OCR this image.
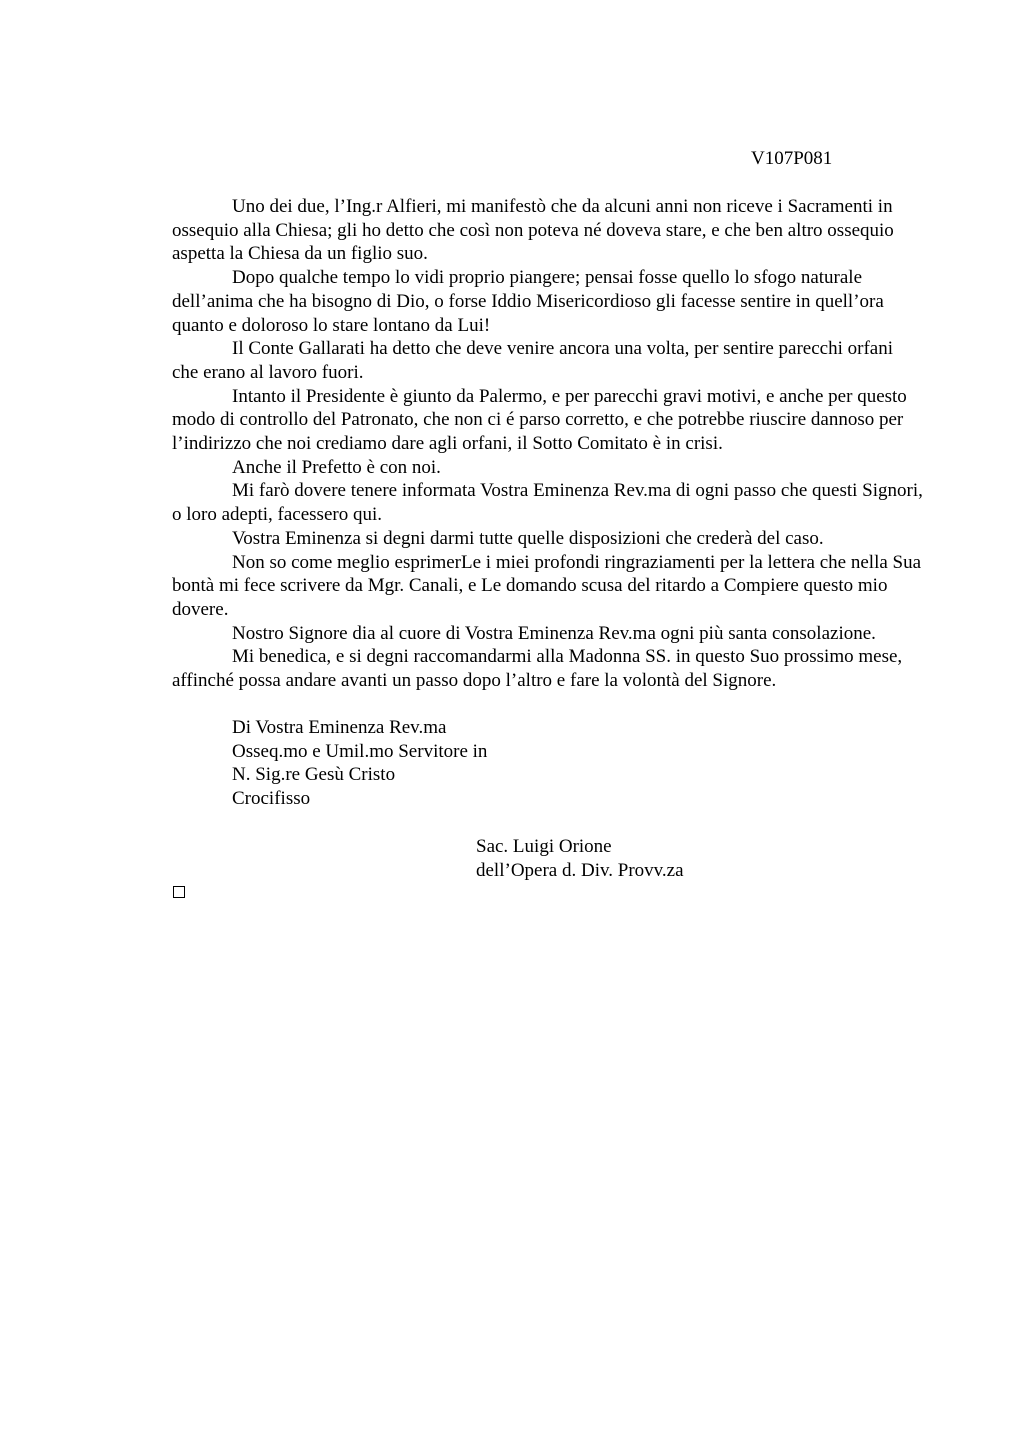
V107P081

Uno dei due, l’Ing.r Alfieri, mi manifestò che da alcuni anni non riceve i Sacramenti in ossequio alla Chiesa; gli ho detto che così non poteva né doveva stare, e che ben altro ossequio aspetta la Chiesa da un figlio suo.

Dopo qualche tempo lo vidi proprio piangere; pensai fosse quello lo sfogo naturale dell’anima che ha bisogno di Dio, o forse Iddio Misericordioso gli facesse sentire in quell’ora quanto e doloroso lo stare lontano da Lui!

Il Conte Gallarati ha detto che deve venire ancora una volta, per sentire parecchi orfani che erano al lavoro fuori.

Intanto il Presidente è giunto da Palermo, e per parecchi gravi motivi, e anche per questo modo di controllo del Patronato, che non ci é parso corretto, e che potrebbe riuscire dannoso per l’indirizzo che noi crediamo dare agli orfani, il Sotto Comitato è in crisi.

Anche il Prefetto è con noi.

Mi farò dovere tenere informata Vostra Eminenza Rev.ma di ogni passo che questi Signori, o loro adepti, facessero qui.

Vostra Eminenza si degni darmi tutte quelle disposizioni che crederà del caso.

Non so come meglio esprimerLe i miei profondi ringraziamenti per la lettera che nella Sua bontà mi fece scrivere da Mgr. Canali, e Le domando scusa del ritardo a Compiere questo mio dovere.

Nostro Signore dia al cuore di Vostra Eminenza Rev.ma ogni più santa consolazione.

Mi benedica, e si degni raccomandarmi alla Madonna SS. in questo Suo prossimo mese, affinché possa andare avanti un passo dopo l’altro e fare la volontà del Signore.

Di Vostra Eminenza Rev.ma
Osseq.mo e Umil.mo Servitore in
N. Sig.re Gesù Cristo
Crocifisso
Sac. Luigi Orione
dell’Opera d. Div. Provv.za
